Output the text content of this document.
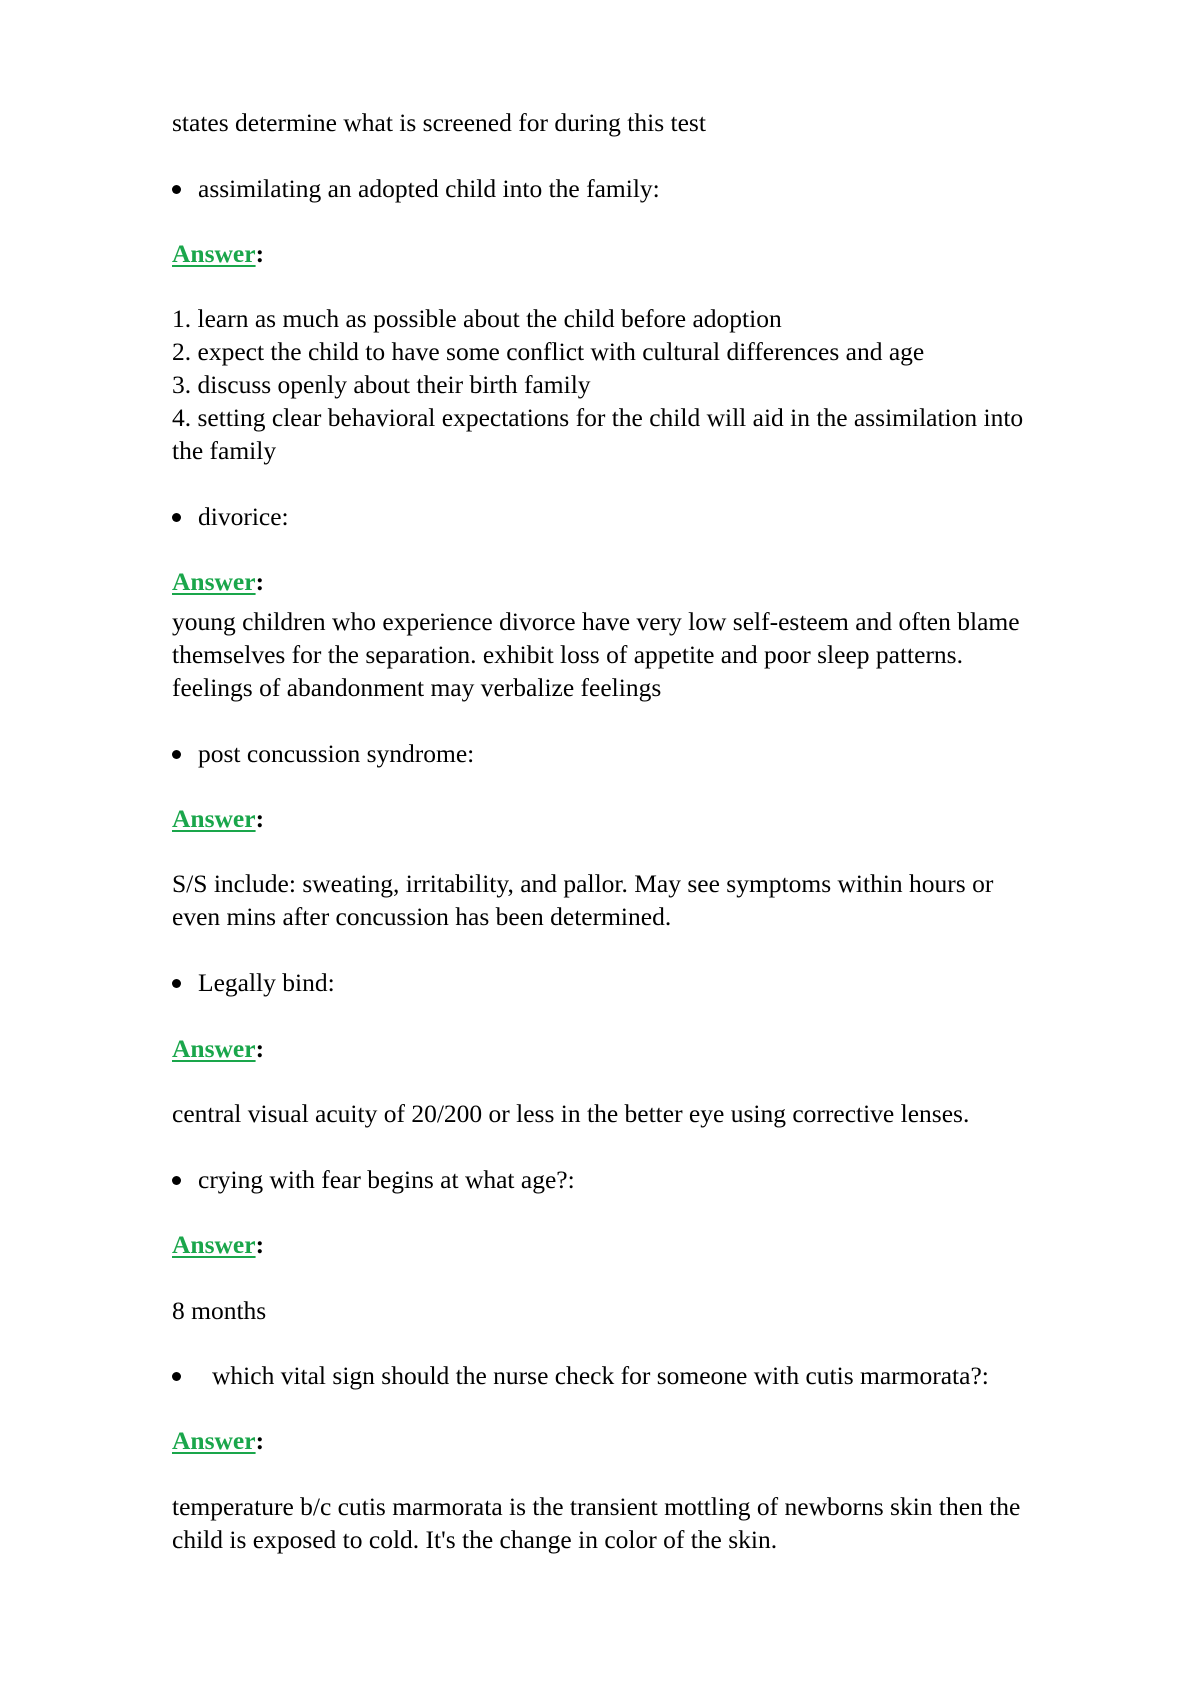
states determine what is screened for during this test
assimilating an adopted child into the family:
Answer:
1. learn as much as possible about the child before adoption
2. expect the child to have some conflict with cultural differences and age
3. discuss openly about their birth family
4. setting clear behavioral expectations for the child will aid in the assimilation into
the family
divorice:
Answer:
young children who experience divorce have very low self-esteem and often blame
themselves for the separation. exhibit loss of appetite and poor sleep patterns.
feelings of abandonment may verbalize feelings
post concussion syndrome:
Answer:
S/S include: sweating, irritability, and pallor. May see symptoms within hours or
even mins after concussion has been determined.
Legally bind:
Answer:
central visual acuity of 20/200 or less in the better eye using corrective lenses.
crying with fear begins at what age?:
Answer:
8 months
which vital sign should the nurse check for someone with cutis marmorata?:
Answer:
temperature b/c cutis marmorata is the transient mottling of newborns skin then the
child is exposed to cold. It's the change in color of the skin.
